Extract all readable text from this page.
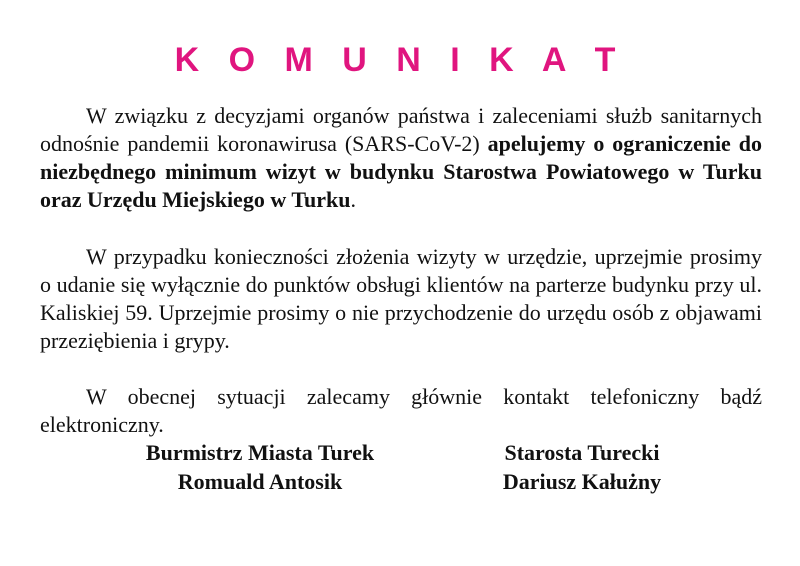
K O M U N I K A T
W związku z decyzjami organów państwa i zaleceniami służb sanitarnych odnośnie pandemii koronawirusa (SARS-CoV-2) apelujemy o ograniczenie do niezbędnego minimum wizyt w budynku Starostwa Powiatowego w Turku oraz Urzędu Miejskiego w Turku.
W przypadku konieczności złożenia wizyty w urzędzie, uprzejmie prosimy o udanie się wyłącznie do punktów obsługi klientów na parterze budynku przy ul. Kaliskiej 59. Uprzejmie prosimy o nie przychodzenie do urzędu osób z objawami przeziębienia i grypy.
W obecnej sytuacji zalecamy głównie kontakt telefoniczny bądź elektroniczny.
Burmistrz Miasta Turek
Romuald Antosik
Starosta Turecki
Dariusz Kałużny
